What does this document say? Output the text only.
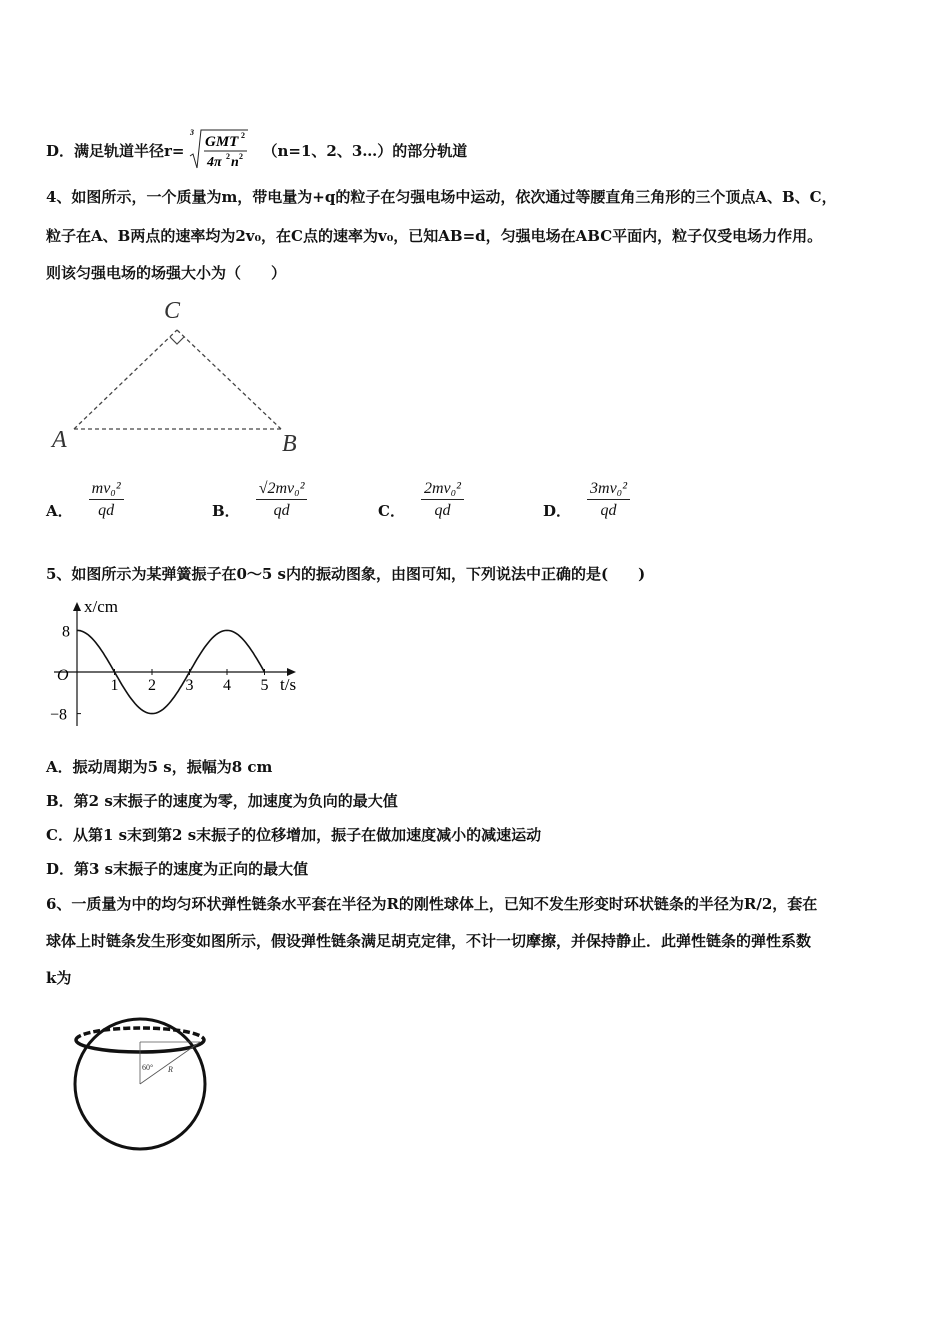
D．满足轨道半径r=
3
GMT 2
4π 2 n 2 （n=1、2、3…）的部分轨道
4、如图所示，一个质量为m，带电量为+q的粒子在匀强电场中运动，依次通过等腰直角三角形的三个顶点A、B、C，
粒子在A、B两点的速率均为2v₀，在C点的速率为v₀，已知AB=d，匀强电场在ABC平面内，粒子仅受电场力作用。
则该匀强电场的场强大小为（　　）
C
A	B
A． $\frac{\text{mv₀²}}{qd}$	B． $\frac{\text{√2mv₀²}}{qd}$	C． $\frac{\text{2mv₀²}}{qd}$	D． $\frac{\text{3mv₀²}}{qd}$
5、如图所示为某弹簧振子在0～5 s内的振动图象，由图可知，下列说法中正确的是(　　)
1 2 3 4 5
8
−8
O
x/cm
t/s
A．振动周期为5 s，振幅为8 cm
B．第2 s末振子的速度为零，加速度为负向的最大值
C．从第1 s末到第2 s末振子的位移增加，振子在做加速度减小的减速运动
D．第3 s末振子的速度为正向的最大值
6、一质量为中的均匀环状弹性链条水平套在半径为R的刚性球体上，已知不发生形变时环状链条的半径为R/2，套在
球体上时链条发生形变如图所示，假设弹性链条满足胡克定律，不计一切摩擦，并保持静止．此弹性链条的弹性系数
k为
60° R
